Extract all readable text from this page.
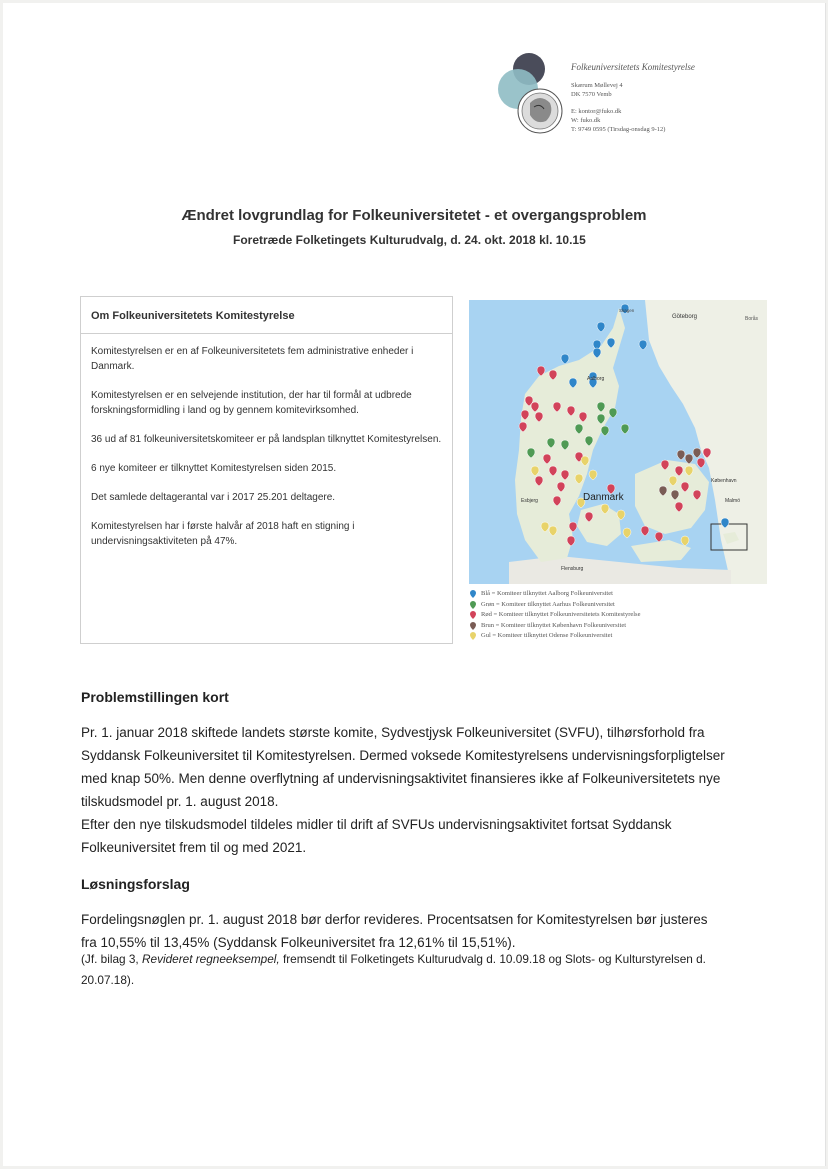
Folkeuniversitetets Komitestyrelse
Skærum Møllevej 4
DK 7570 Vemb
E: kontor@fuko.dk
W: fuko.dk
T: 9749 0595 (Tirsdag-onsdag 9-12)
Ændret lovgrundlag for Folkeuniversitetet - et overgangsproblem
Foretræde Folketingets Kulturudvalg, d. 24. okt. 2018 kl. 10.15
Om Folkeuniversitetets Komitestyrelse

Komitestyrelsen er en af Folkeuniversitetets fem administrative enheder i Danmark.

Komitestyrelsen er en selvejende institution, der har til formål at udbrede forskningsformidling i land og by gennem komitevirksomhed.

36 ud af 81 folkeuniversitetskomiteer er på landsplan tilknyttet Komitestyrelsen.

6 nye komiteer er tilknyttet Komitestyrelsen siden 2015.

Det samlede deltagerantal var i 2017 25.201 deltagere.

Komitestyrelsen har i første halvår af 2018 haft en stigning i undervisningsaktiviteten på 47%.

Göteborg	Borås
Skagen
Aalborg
Danmark
Esbjerg
Flensburg
København
Malmö
Blå = Komiteer tilknyttet Aalborg Folkeuniversitet
Grøn = Komiteer tilknyttet Aarhus Folkeuniversitet
Rød = Komiteer tilknyttet Folkeuniversitetets Komitestyrelse
Brun = Komiteer tilknyttet København Folkeuniversitet
Gul = Komiteer tilknyttet Odense Folkeuniversitet
Problemstillingen kort

Pr. 1. januar 2018 skiftede landets største komite, Sydvestjysk Folkeuniversitet (SVFU), tilhørsforhold fra

Syddansk Folkeuniversitet til Komitestyrelsen. Dermed voksede Komitestyrelsens undervisningsforpligtelser

med knap 50%. Men denne overflytning af undervisningsaktivitet finansieres ikke af Folkeuniversitetets nye

tilskudsmodel pr. 1. august 2018.

Efter den nye tilskudsmodel tildeles midler til drift af SVFUs undervisningsaktivitet fortsat Syddansk

Folkeuniversitet frem til og med 2021.

Løsningsforslag

Fordelingsnøglen pr. 1. august 2018 bør derfor revideres. Procentsatsen for Komitestyrelsen bør justeres

fra 10,55% til 13,45% (Syddansk Folkeuniversitet fra 12,61% til 15,51%).

(Jf. bilag 3, Revideret regneeksempel, fremsendt til Folketingets Kulturudvalg d. 10.09.18 og Slots- og Kulturstyrelsen d.

20.07.18).
